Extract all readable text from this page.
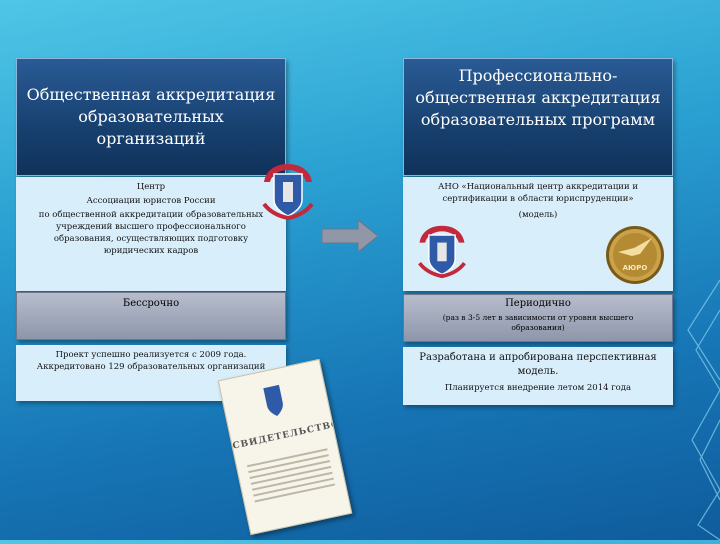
Общественная аккредитация образовательных организаций
Центр
Ассоциации юристов России
по общественной аккредитации образовательных учреждений высшего профессионального образования, осуществляющих подготовку юридических кадров
Бессрочно
Проект успешно реализуется с 2009 года.
Аккредитовано 129 образовательных организаций
СВИДЕТЕЛЬСТВО
Профессионально-общественная аккредитация образовательных программ
АНО «Национальный центр аккредитации и сертификации в области юриспруденции»
(модель)
АЮРО
Периодично
(раз в 3-5 лет в зависимости от уровня высшего образования)
Разработана и апробирована перспективная модель.
Планируется внедрение летом 2014 года
